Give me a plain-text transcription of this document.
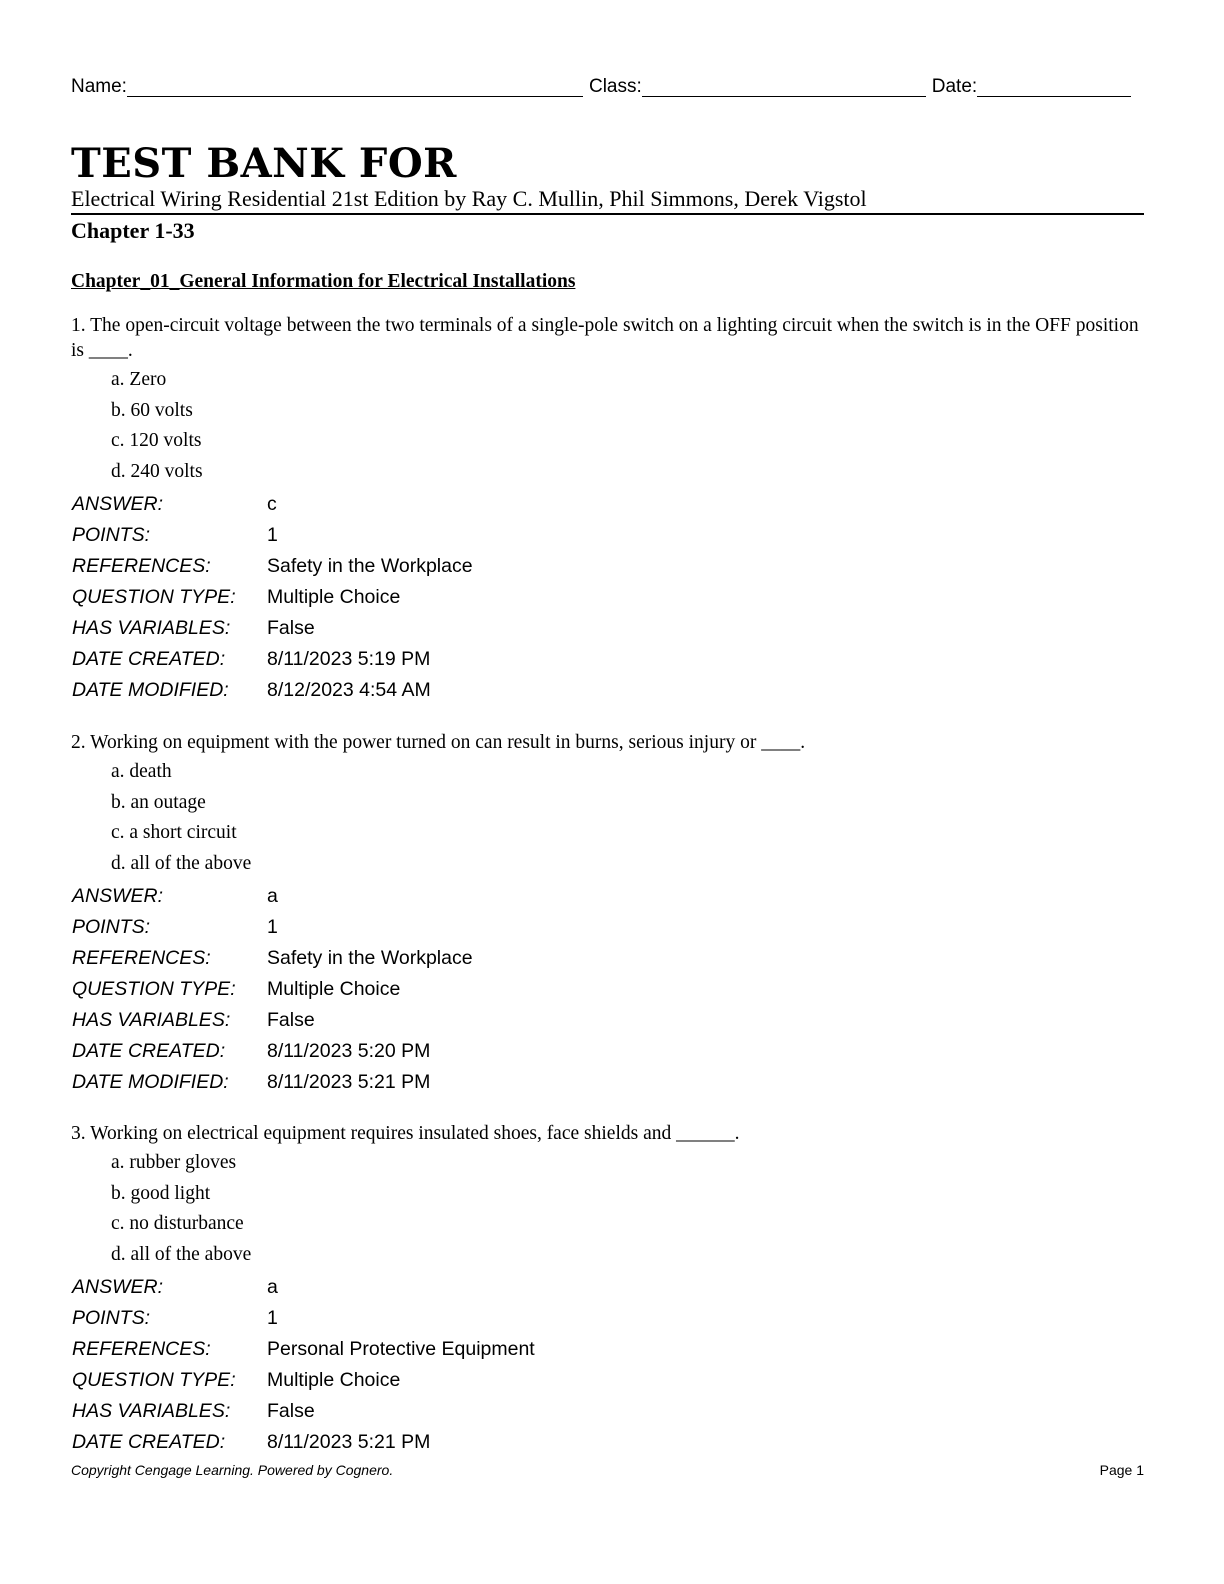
Name:	Class:	Date:
TEST BANK FOR
Electrical Wiring Residential 21st Edition by Ray C. Mullin, Phil Simmons, Derek Vigstol
Chapter 1-33
Chapter_01_General Information for Electrical Installations

1. The open-circuit voltage between the two terminals of a single-pole switch on a lighting circuit when the switch is in the OFF position is ____.

a. Zero
b. 60 volts
c. 120 volts
d. 240 volts
ANSWER:	c
POINTS:	1
REFERENCES:	Safety in the Workplace
QUESTION TYPE:	Multiple Choice
HAS VARIABLES:	False
DATE CREATED:	8/11/2023 5:19 PM
DATE MODIFIED:	8/12/2023 4:54 AM

2. Working on equipment with the power turned on can result in burns, serious injury or ____.

a. death
b. an outage
c. a short circuit
d. all of the above
ANSWER:	a
POINTS:	1
REFERENCES:	Safety in the Workplace
QUESTION TYPE:	Multiple Choice
HAS VARIABLES:	False
DATE CREATED:	8/11/2023 5:20 PM
DATE MODIFIED:	8/11/2023 5:21 PM

3. Working on electrical equipment requires insulated shoes, face shields and ______.

a. rubber gloves
b. good light
c. no disturbance
d. all of the above
ANSWER:	a
POINTS:	1
REFERENCES:	Personal Protective Equipment
QUESTION TYPE:	Multiple Choice
HAS VARIABLES:	False
DATE CREATED:	8/11/2023 5:21 PM
Copyright Cengage Learning. Powered by Cognero.	Page 1
